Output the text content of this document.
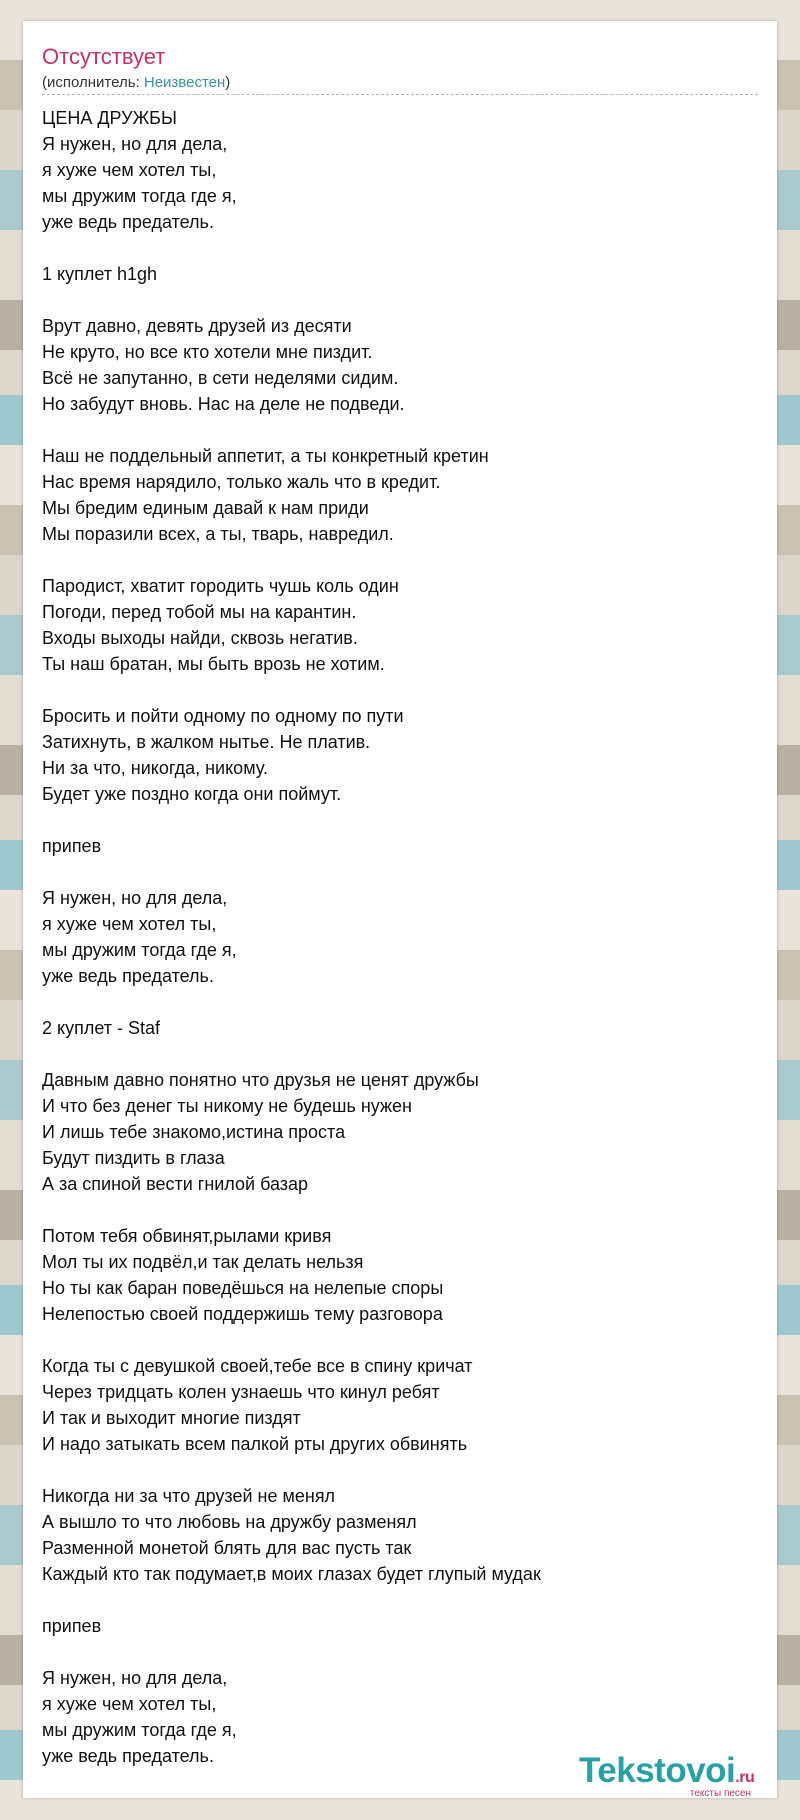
Отсутствует
(исполнитель: Неизвестен)
ЦЕНА ДРУЖБЫ
Я нужен, но для дела,
я хуже чем хотел ты,
мы дружим тогда где я,
уже ведь предатель.
1 куплет h1gh
Врут давно, девять друзей из десяти
Не круто, но все кто хотели мне пиздит.
Всё не запутанно, в сети неделями сидим.
Но забудут вновь. Нас на деле не подведи.
Наш не поддельный аппетит, а ты конкретный кретин
Нас время нарядило, только жаль что в кредит.
Мы бредим единым давай к нам приди
Мы поразили всех, а ты, тварь, навредил.
Пародист, хватит городить чушь коль один
Погоди, перед тобой мы на карантин.
Входы выходы найди, сквозь негатив.
Ты наш братан, мы быть врозь не хотим.
Бросить и пойти одному по одному по пути
Затихнуть, в жалком нытье. Не платив.
Ни за что, никогда, никому.
Будет уже поздно когда они поймут.
припев
Я нужен, но для дела,
я хуже чем хотел ты,
мы дружим тогда где я,
уже ведь предатель.
2 куплет - Staf
Давным давно понятно что друзья не ценят дружбы
И что без денег ты никому не будешь нужен
И лишь тебе знакомо,истина проста
Будут пиздить в глаза
А за спиной вести гнилой базар
Потом тебя обвинят,рылами кривя
Мол ты их подвёл,и так делать нельзя
Но ты как баран поведёшься на нелепые споры
Нелепостью своей поддержишь тему разговора
Когда ты с девушкой своей,тебе все в спину кричат
Через тридцать колен узнаешь что кинул ребят
И так и выходит многие пиздят
И надо затыкать всем палкой рты других обвинять
Никогда ни за что друзей не менял
А вышло то что любовь на дружбу разменял
Разменной монетой блять для вас пусть так
Каждый кто так подумает,в моих глазах будет глупый мудак
припев
Я нужен, но для дела,
я хуже чем хотел ты,
мы дружим тогда где я,
уже ведь предатель.	Tekstovoi.ru
тексты песен
